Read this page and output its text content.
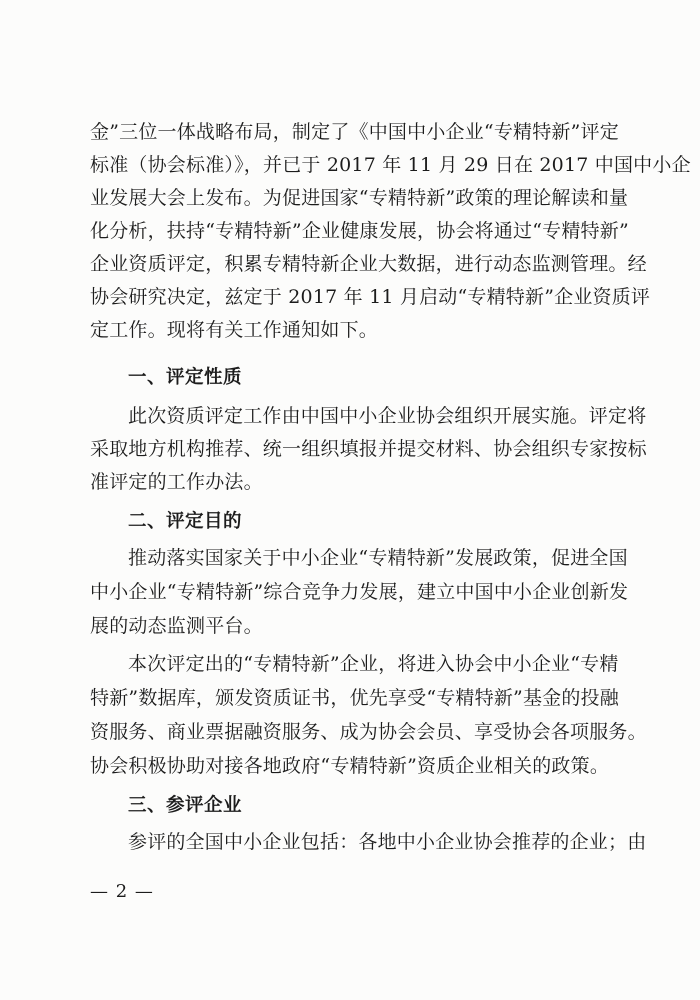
金”三位一体战略布局，制定了《中国中小企业“专精特新”评定
标准（协会标准）》，并已于 2017 年 11 月 29 日在 2017 中国中小企
业发展大会上发布。为促进国家“专精特新”政策的理论解读和量
化分析，扶持“专精特新”企业健康发展，协会将通过“专精特新”
企业资质评定，积累专精特新企业大数据，进行动态监测管理。经
协会研究决定，兹定于 2017 年 11 月启动“专精特新”企业资质评
定工作。现将有关工作通知如下。
一、评定性质
此次资质评定工作由中国中小企业协会组织开展实施。评定将
采取地方机构推荐、统一组织填报并提交材料、协会组织专家按标
准评定的工作办法。
二、评定目的
推动落实国家关于中小企业“专精特新”发展政策，促进全国
中小企业“专精特新”综合竞争力发展，建立中国中小企业创新发
展的动态监测平台。
本次评定出的“专精特新”企业，将进入协会中小企业“专精
特新”数据库，颁发资质证书，优先享受“专精特新”基金的投融
资服务、商业票据融资服务、成为协会会员、享受协会各项服务。
协会积极协助对接各地政府“专精特新”资质企业相关的政策。
三、参评企业
参评的全国中小企业包括：各地中小企业协会推荐的企业；由
— 2 —
